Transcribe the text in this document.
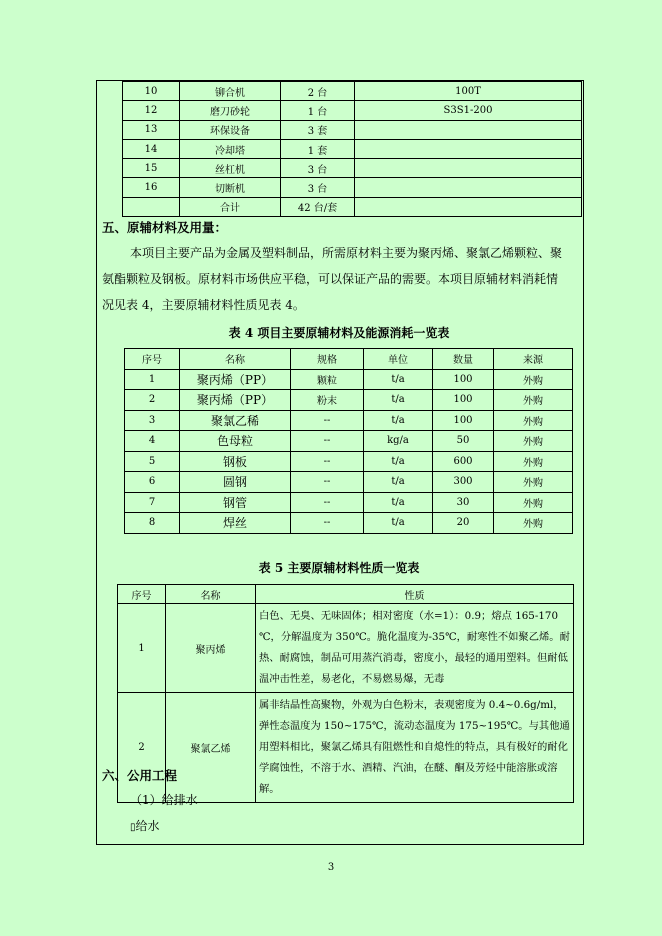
10	铆合机	2 台	100T
12	磨刀砂轮	1 台	S3S1-200
13	环保设备	3 套	
14	冷却塔	1 套	
15	丝杠机	3 台	
16	切断机	3 台	
	合计	42 台/套	
五、原辅材料及用量：
本项目主要产品为金属及塑料制品，所需原材料主要为聚丙烯、聚氯乙烯颗粒、聚
氨酯颗粒及钢板。原材料市场供应平稳，可以保证产品的需要。本项目原辅材料消耗情
况见表 4，主要原辅材料性质见表 4。
表 4 项目主要原辅材料及能源消耗一览表
序号	名称	规格	单位	数量	来源
1	聚丙烯（PP）	颗粒	t/a	100	外购
2	聚丙烯（PP）	粉末	t/a	100	外购
3	聚氯乙稀	--	t/a	100	外购
4	色母粒	--	kg/a	50	外购
5	钢板	--	t/a	600	外购
6	圆钢	--	t/a	300	外购
7	钢管	--	t/a	30	外购
8	焊丝	--	t/a	20	外购
表 5 主要原辅材料性质一览表
序号	名称	性质
1	聚丙烯	白色、无臭、无味固体；相对密度（水=1）：0.9；熔点 165-170 ℃，分解温度为 350℃。脆化温度为-35℃，耐寒性不如聚乙烯。耐热、耐腐蚀，制品可用蒸汽消毒，密度小，最轻的通用塑料。但耐低温冲击性差，易老化，不易燃易爆，无毒
2	聚氯乙烯	属非结晶性高聚物，外观为白色粉末，表观密度为 0.4~0.6g/ml，弹性态温度为 150~175℃，流动态温度为 175~195℃。与其他通用塑料相比，聚氯乙烯具有阻燃性和自熄性的特点，具有极好的耐化学腐蚀性，不溶于水、酒精、汽油，在醚、酮及芳烃中能溶胀或溶解。
六、公用工程
（1）给排水
▯给水
3
